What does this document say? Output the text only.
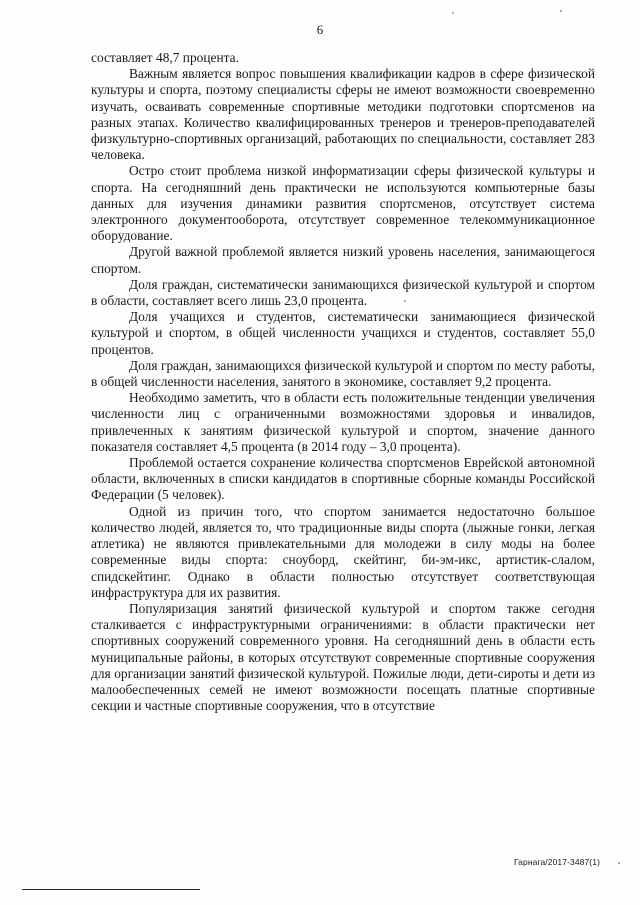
6

составляет 48,7 процента.

Важным является вопрос повышения квалификации кадров в сфере физической культуры и спорта, поэтому специалисты сферы не имеют возможности своевременно изучать, осваивать современные спортивные методики подготовки спортсменов на разных этапах. Количество квалифицированных тренеров и тренеров-преподавателей физкультурно-спортивных организаций, работающих по специальности, составляет 283 человека.

Остро стоит проблема низкой информатизации сферы физической культуры и спорта. На сегодняшний день практически не используются компьютерные базы данных для изучения динамики развития спортсменов, отсутствует система электронного документооборота, отсутствует современное телекоммуникационное оборудование.

Другой важной проблемой является низкий уровень населения, занимающегося спортом.

Доля граждан, систематически занимающихся физической культурой и спортом в области, составляет всего лишь 23,0 процента.

Доля учащихся и студентов, систематически занимающиеся физической культурой и спортом, в общей численности учащихся и студентов, составляет 55,0 процентов.

Доля граждан, занимающихся физической культурой и спортом по месту работы, в общей численности населения, занятого в экономике, составляет 9,2 процента.

Необходимо заметить, что в области есть положительные тенденции увеличения численности лиц с ограниченными возможностями здоровья и инвалидов, привлеченных к занятиям физической культурой и спортом, значение данного показателя составляет 4,5 процента (в 2014 году – 3,0 процента).

Проблемой остается сохранение количества спортсменов Еврейской автономной области, включенных в списки кандидатов в спортивные сборные команды Российской Федерации (5 человек).

Одной из причин того, что спортом занимается недостаточно большое количество людей, является то, что традиционные виды спорта (лыжные гонки, легкая атлетика) не являются привлекательными для молодежи в силу моды на более современные виды спорта: сноуборд, скейтинг, би-эм-икс, артистик-слалом, спидскейтинг. Однако в области полностью отсутствует соответствующая инфраструктура для их развития.

Популяризация занятий физической культурой и спортом также сегодня сталкивается с инфраструктурными ограничениями: в области практически нет спортивных сооружений современного уровня. На сегодняшний день в области есть муниципальные районы, в которых отсутствуют современные спортивные сооружения для организации занятий физической культурой. Пожилые люди, дети-сироты и дети из малообеспеченных семей не имеют возможности посещать платные спортивные секции и частные спортивные сооружения, что в отсутствие

Гарнага/2017-3487(1)
